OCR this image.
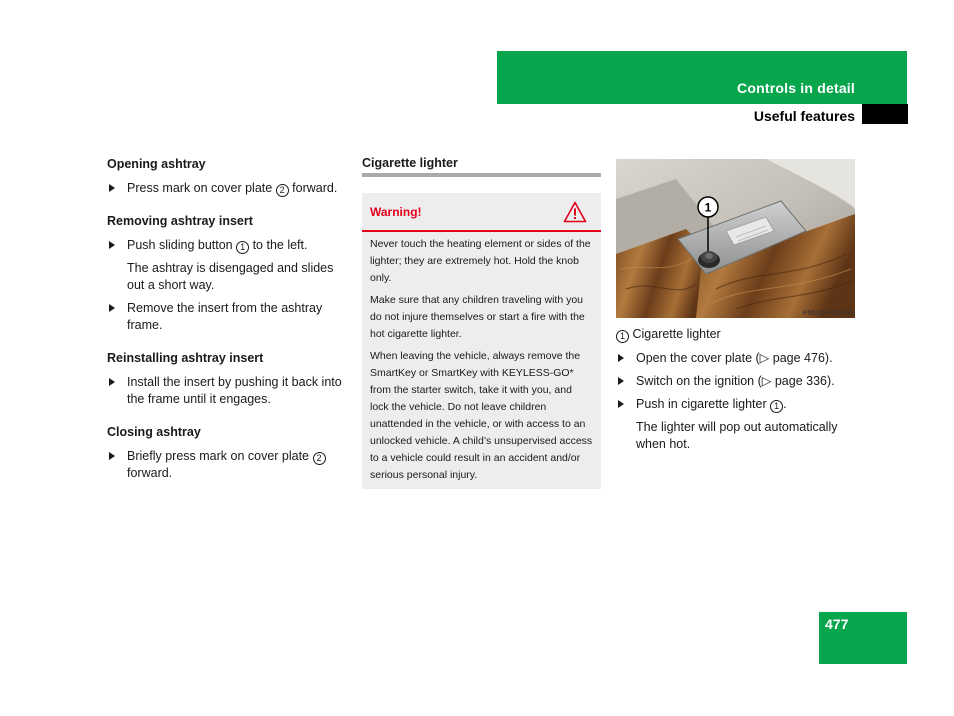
Controls in detail
Useful features
Opening ashtray
Press mark on cover plate 2 forward.
Removing ashtray insert
Push sliding button 1 to the left.
The ashtray is disengaged and slides out a short way.
Remove the insert from the ashtray frame.
Reinstalling ashtray insert
Install the insert by pushing it back into the frame until it engages.
Closing ashtray
Briefly press mark on cover plate 2 forward.
Cigarette lighter
Warning!

Never touch the heating element or sides of the lighter; they are extremely hot. Hold the knob only.

Make sure that any children traveling with you do not injure themselves or start a fire with the hot cigarette lighter.

When leaving the vehicle, always remove the SmartKey or SmartKey with KEYLESS-GO* from the starter switch, take it with you, and lock the vehicle. Do not leave children unattended in the vehicle, or with access to an unlocked vehicle. A child’s unsupervised access to a vehicle could result in an accident and/or serious personal injury.

1
P68.00-4354-31
1 Cigarette lighter
Open the cover plate (▷ page 476).
Switch on the ignition (▷ page 336).
Push in cigarette lighter 1 .
The lighter will pop out automatically when hot.
477
